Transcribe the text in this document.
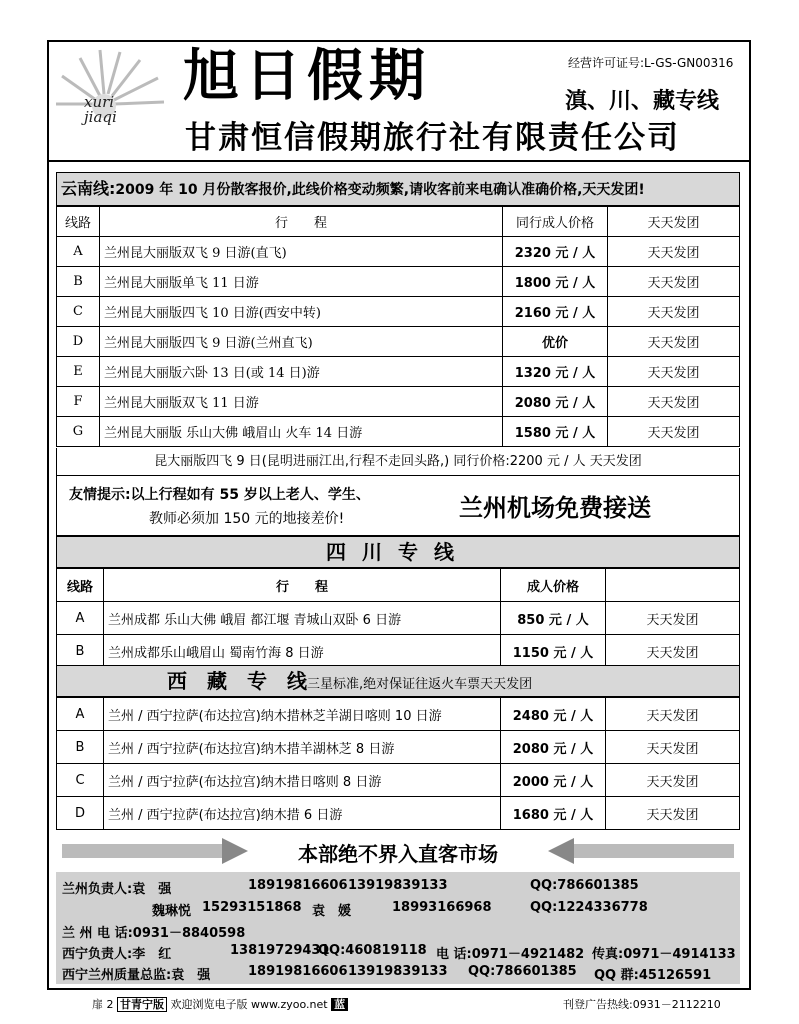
xuri
jiaqi
旭日假期	经营许可证号:L-GS-GN00316
滇、川、藏专线
甘肃恒信假期旅行社有限责任公司
云南线:2009 年 10 月份散客报价,此线价格变动频繁,请收客前来电确认准确价格,天天发团!
线路	行　　程	同行成人价格	天天发团
A	兰州昆大丽版双飞 9 日游(直飞)	2320 元 / 人	天天发团
B	兰州昆大丽版单飞 11 日游	1800 元 / 人	天天发团
C	兰州昆大丽版四飞 10 日游(西安中转)	2160 元 / 人	天天发团
D	兰州昆大丽版四飞 9 日游(兰州直飞)	优价	天天发团
E	兰州昆大丽版六卧 13 日(或 14 日)游	1320 元 / 人	天天发团
F	兰州昆大丽版双飞 11 日游	2080 元 / 人	天天发团
G	兰州昆大丽版 乐山大佛 峨眉山 火车 14 日游	1580 元 / 人	天天发团
昆大丽版四飞 9 日(昆明进丽江出,行程不走回头路,) 同行价格:2200 元 / 人 天天发团
友情提示:以上行程如有 55 岁以上老人、学生、
教师必须加 150 元的地接差价!	兰州机场免费接送
四川专线
线路	行　　程	成人价格	
A	兰州成都 乐山大佛 峨眉 都江堰 青城山双卧 6 日游	850 元 / 人	天天发团
B	兰州成都乐山峨眉山 蜀南竹海 8 日游	1150 元 / 人	天天发团
西　藏　专　线三星标准,绝对保证往返火车票天天发团
A	兰州 / 西宁拉萨(布达拉宫)纳木措林芝羊湖日喀则 10 日游	2480 元 / 人	天天发团
B	兰州 / 西宁拉萨(布达拉宫)纳木措羊湖林芝 8 日游	2080 元 / 人	天天发团
C	兰州 / 西宁拉萨(布达拉宫)纳木措日喀则 8 日游	2000 元 / 人	天天发团
D	兰州 / 西宁拉萨(布达拉宫)纳木措 6 日游	1680 元 / 人	天天发团
本部绝不界入直客市场
兰州负责人:袁　强	18919816606 13919839133	QQ:786601385
魏琳悦 15293151868 袁　媛	18993166968	QQ:1224336778
兰 州 电 话:0931－8840598
西宁负责人:李　红	13819729431
QQ:460819118 电 话:0971－4921482 传真:0971－4914133
西宁兰州质量总监:袁　强	18919816606 13919839133 QQ:786601385 QQ 群:45126591
扉 2 甘青宁版 欢迎浏览电子版 www.zyoo.net 蓝	刊登广告热线:0931－2112210
